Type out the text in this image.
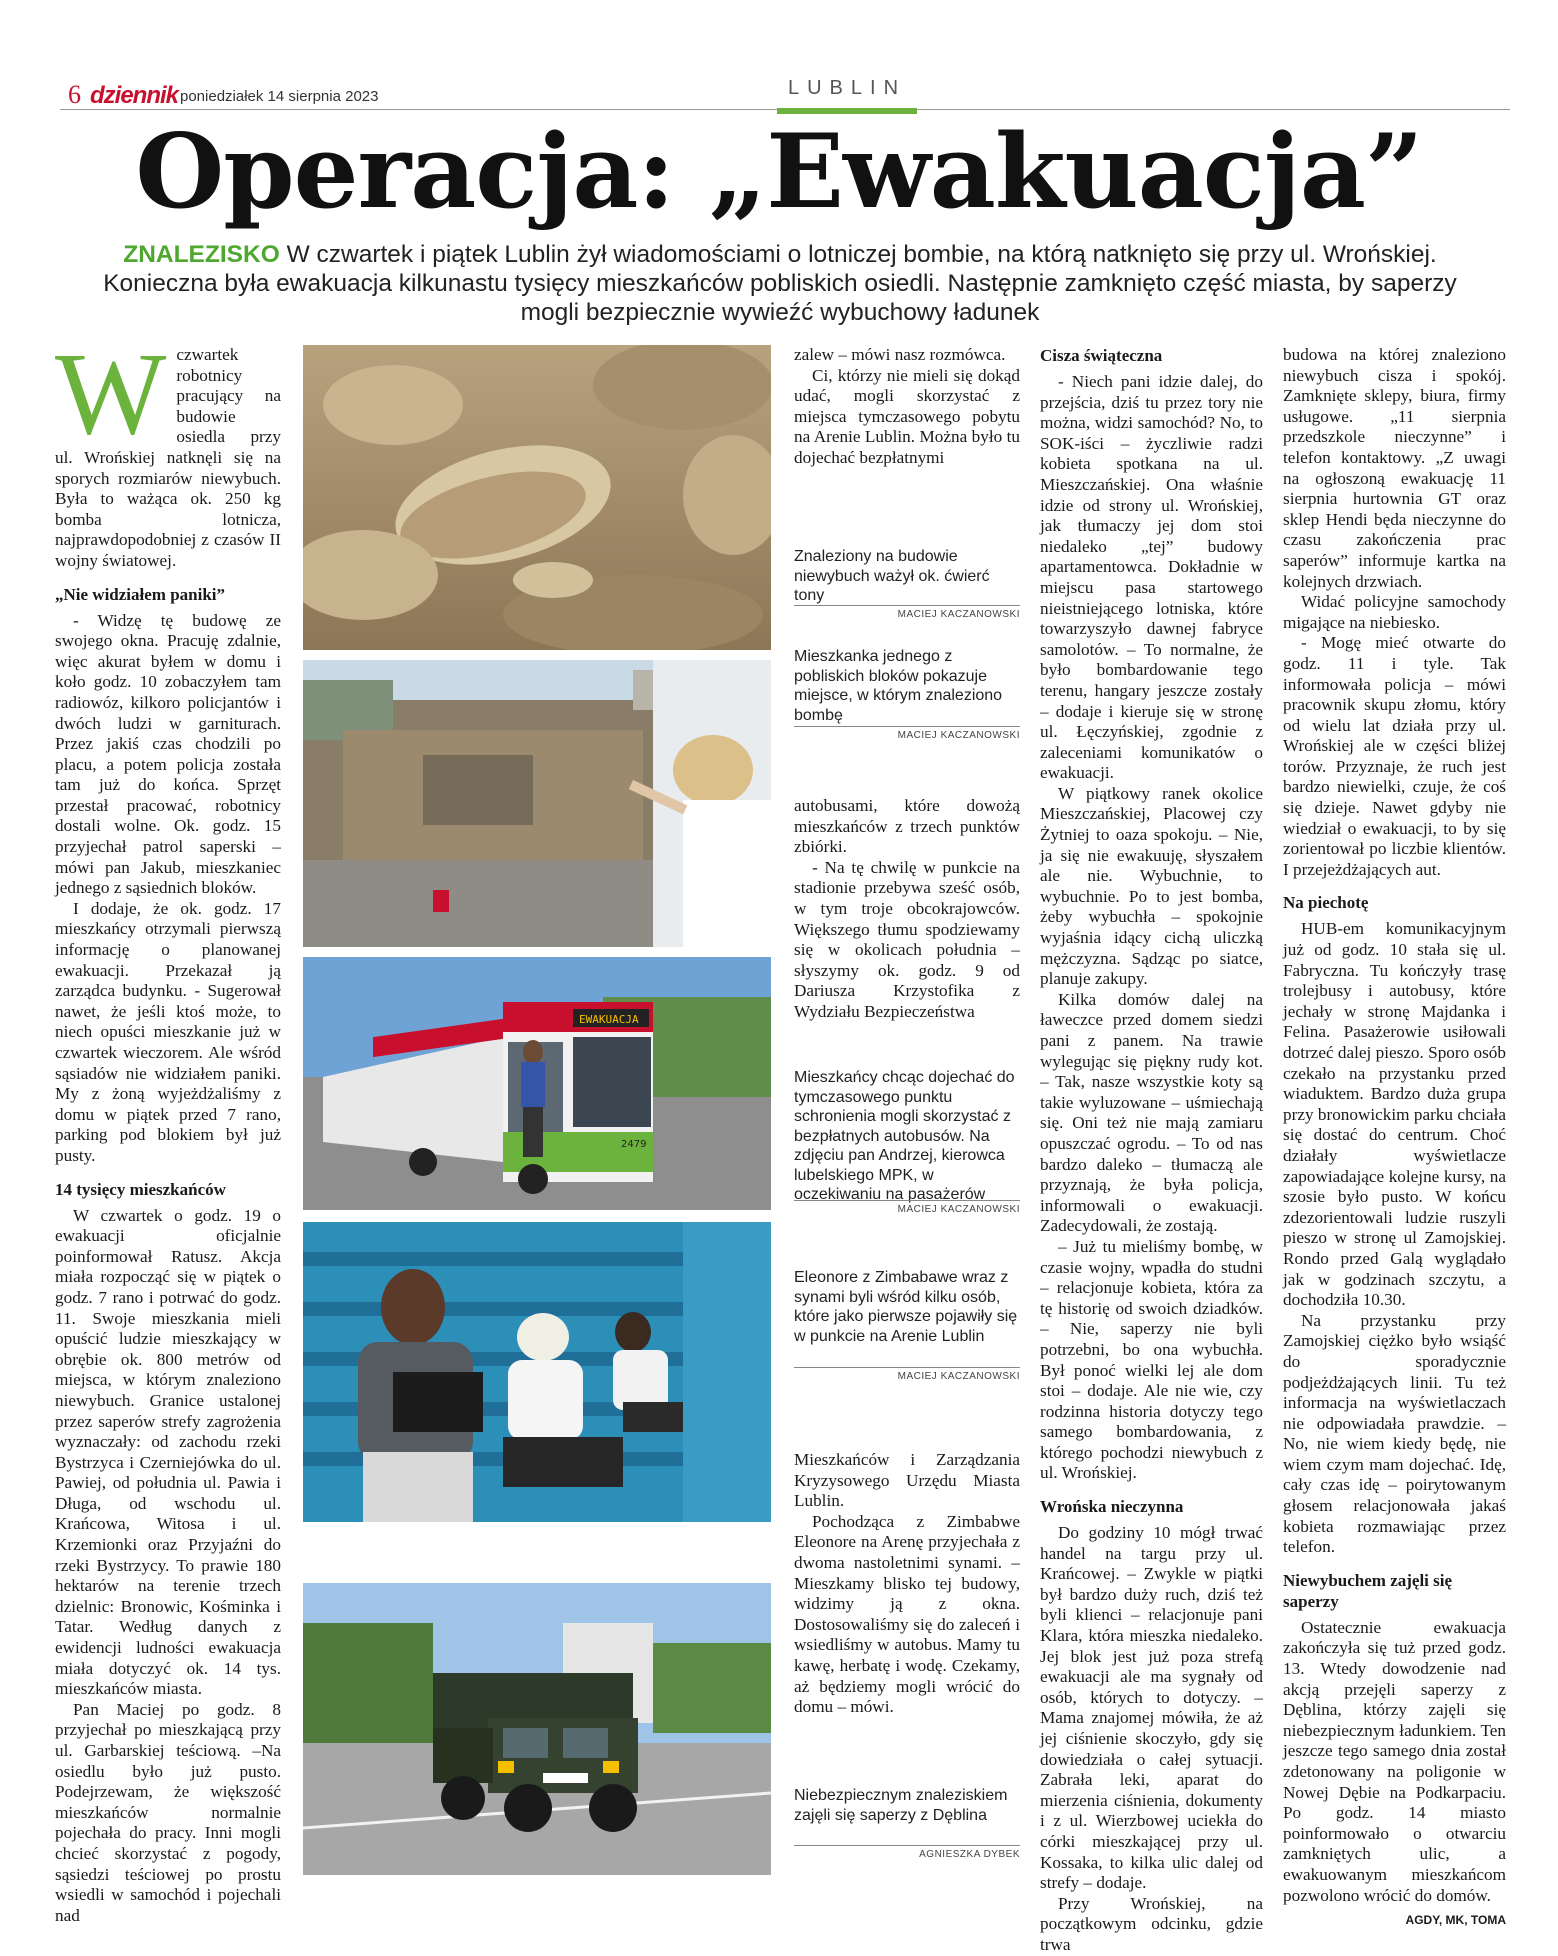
6 dziennik poniedziałek 14 sierpnia 2023	LUBLIN
Operacja: „Ewakuacja”
ZNALEZISKO W czwartek i piątek Lublin żył wiadomościami o lotniczej bombie, na którą natknięto się przy ul. Wrońskiej. Konieczna była ewakuacja kilkunastu tysięcy mieszkańców pobliskich osiedli. Następnie zamknięto część miasta, by saperzy mogli bezpiecznie wywieźć wybuchowy ładunek
W czwartek robotnicy pracujący na budowie osiedla przy ul. Wrońskiej natknęli się na sporych rozmiarów niewybuch. Była to ważąca ok. 250 kg bomba lotnicza, najprawdopodobniej z czasów II wojny światowej.

„Nie widziałem paniki”

- Widzę tę budowę ze swojego okna. Pracuję zdalnie, więc akurat byłem w domu i koło godz. 10 zobaczyłem tam radiowóz, kilkoro policjantów i dwóch ludzi w garniturach. Przez jakiś czas chodzili po placu, a potem policja została tam już do końca. Sprzęt przestał pracować, robotnicy dostali wolne. Ok. godz. 15 przyjechał patrol saperski – mówi pan Jakub, mieszkaniec jednego z sąsiednich bloków.

I dodaje, że ok. godz. 17 mieszkańcy otrzymali pierwszą informację o planowanej ewakuacji. Przekazał ją zarządca budynku. - Sugerował nawet, że jeśli ktoś może, to niech opuści mieszkanie już w czwartek wieczorem. Ale wśród sąsiadów nie widziałem paniki. My z żoną wyjeżdżaliśmy z domu w piątek przed 7 rano, parking pod blokiem był już pusty.

14 tysięcy mieszkańców

W czwartek o godz. 19 o ewakuacji oficjalnie poinformował Ratusz. Akcja miała rozpocząć się w piątek o godz. 7 rano i potrwać do godz. 11. Swoje mieszkania mieli opuścić ludzie mieszkający w obrębie ok. 800 metrów od miejsca, w którym znaleziono niewybuch. Granice ustalonej przez saperów strefy zagrożenia wyznaczały: od zachodu rzeki Bystrzyca i Czerniejówka do ul. Pawiej, od południa ul. Pawia i Długa, od wschodu ul. Krańcowa, Witosa i ul. Krzemionki oraz Przyjaźni do rzeki Bystrzycy. To prawie 180 hektarów na terenie trzech dzielnic: Bronowic, Kośminka i Tatar. Według danych z ewidencji ludności ewakuacja miała dotyczyć ok. 14 tys. mieszkańców miasta.

Pan Maciej po godz. 8 przyjechał po mieszkającą przy ul. Garbarskiej teściową. –Na osiedlu było już pusto. Podejrzewam, że większość mieszkańców normalnie pojechała do pracy. Inni mogli chcieć skorzystać z pogody, sąsiedzi teściowej po prostu wsiedli w samochód i pojechali nad

EWAKUACJA
2479
Znaleziony na budowie niewybuch ważył ok. ćwierć tony
MACIEJ KACZANOWSKI
Mieszkanka jednego z pobliskich bloków pokazuje miejsce, w którym znaleziono bombę
MACIEJ KACZANOWSKI
Mieszkańcy chcąc dojechać do tymczasowego punktu schronienia mogli skorzystać z bezpłatnych autobusów. Na zdjęciu pan Andrzej, kierowca lubelskiego MPK, w oczekiwaniu na pasażerów
MACIEJ KACZANOWSKI
Eleonore z Zimbabawe wraz z synami byli wśród kilku osób, które jako pierwsze pojawiły się w punkcie na Arenie Lublin
MACIEJ KACZANOWSKI
Niebezpiecznym znaleziskiem zajęli się saperzy z Dęblina
AGNIESZKA DYBEK

zalew – mówi nasz rozmówca.

Ci, którzy nie mieli się dokąd udać, mogli skorzystać z miejsca tymczasowego pobytu na Arenie Lublin. Można było tu dojechać bezpłatnymi

autobusami, które dowożą mieszkańców z trzech punktów zbiórki.

- Na tę chwilę w punkcie na stadionie przebywa sześć osób, w tym troje obcokrajowców. Większego tłumu spodziewamy się w okolicach południa – słyszymy ok. godz. 9 od Dariusza Krzystofika z Wydziału Bezpieczeństwa

Mieszkańców i Zarządzania Kryzysowego Urzędu Miasta Lublin.

Pochodząca z Zimbabwe Eleonore na Arenę przyjechała z dwoma nastoletnimi synami. – Mieszkamy blisko tej budowy, widzimy ją z okna. Dostosowaliśmy się do zaleceń i wsiedliśmy w autobus. Mamy tu kawę, herbatę i wodę. Czekamy, aż będziemy mogli wrócić do domu – mówi.

Cisza świąteczna

- Niech pani idzie dalej, do przejścia, dziś tu przez tory nie można, widzi samochód? No, to SOK-iści – życzliwie radzi kobieta spotkana na ul. Mieszczańskiej. Ona właśnie idzie od strony ul. Wrońskiej, jak tłumaczy jej dom stoi niedaleko „tej” budowy apartamentowca. Dokładnie w miejscu pasa startowego nieistniejącego lotniska, które towarzyszyło dawnej fabryce samolotów. – To normalne, że było bombardowanie tego terenu, hangary jeszcze zostały – dodaje i kieruje się w stronę ul. Łęczyńskiej, zgodnie z zaleceniami komunikatów o ewakuacji.

W piątkowy ranek okolice Mieszczańskiej, Placowej czy Żytniej to oaza spokoju. – Nie, ja się nie ewakuuję, słyszałem ale nie. Wybuchnie, to wybuchnie. Po to jest bomba, żeby wybuchła – spokojnie wyjaśnia idący cichą uliczką mężczyzna. Sądząc po siatce, planuje zakupy.

Kilka domów dalej na ławeczce przed domem siedzi pani z panem. Na trawie wylegując się piękny rudy kot. – Tak, nasze wszystkie koty są takie wyluzowane – uśmiechają się. Oni też nie mają zamiaru opuszczać ogrodu. – To od nas bardzo daleko – tłumaczą ale przyznają, że była policja, informowali o ewakuacji. Zadecydowali, że zostają.

– Już tu mieliśmy bombę, w czasie wojny, wpadła do studni – relacjonuje kobieta, która za tę historię od swoich dziadków. – Nie, saperzy nie byli potrzebni, bo ona wybuchła. Był ponoć wielki lej ale dom stoi – dodaje. Ale nie wie, czy rodzinna historia dotyczy tego samego bombardowania, z którego pochodzi niewybuch z ul. Wrońskiej.

Wrońska nieczynna

Do godziny 10 mógł trwać handel na targu przy ul. Krańcowej. – Zwykle w piątki był bardzo duży ruch, dziś też byli klienci – relacjonuje pani Klara, która mieszka niedaleko. Jej blok jest już poza strefą ewakuacji ale ma sygnały od osób, których to dotyczy. – Mama znajomej mówiła, że aż jej ciśnienie skoczyło, gdy się dowiedziała o całej sytuacji. Zabrała leki, aparat do mierzenia ciśnienia, dokumenty i z ul. Wierzbowej uciekła do córki mieszkającej przy ul. Kossaka, to kilka ulic dalej od strefy – dodaje.

Przy Wrońskiej, na początkowym odcinku, gdzie trwa

budowa na której znaleziono niewybuch cisza i spokój. Zamknięte sklepy, biura, firmy usługowe. „11 sierpnia przedszkole nieczynne” i telefon kontaktowy. „Z uwagi na ogłoszoną ewakuację 11 sierpnia hurtownia GT oraz sklep Hendi będa nieczynne do czasu zakończenia prac saperów” informuje kartka na kolejnych drzwiach.

Widać policyjne samochody migające na niebiesko.

- Mogę mieć otwarte do godz. 11 i tyle. Tak informowała policja – mówi pracownik skupu złomu, który od wielu lat działa przy ul. Wrońskiej ale w części bliżej torów. Przyznaje, że ruch jest bardzo niewielki, czuje, że coś się dzieje. Nawet gdyby nie wiedział o ewakuacji, to by się zorientował po liczbie klientów. I przejeżdżających aut.

Na piechotę

HUB-em komunikacyjnym już od godz. 10 stała się ul. Fabryczna. Tu kończyły trasę trolejbusy i autobusy, które jechały w stronę Majdanka i Felina. Pasażerowie usiłowali dotrzeć dalej pieszo. Sporo osób czekało na przystanku przed wiaduktem. Bardzo duża grupa przy bronowickim parku chciała się dostać do centrum. Choć działały wyświetlacze zapowiadające kolejne kursy, na szosie było pusto. W końcu zdezorientowali ludzie ruszyli pieszo w stronę ul Zamojskiej. Rondo przed Galą wyglądało jak w godzinach szczytu, a dochodziła 10.30.

Na przystanku przy Zamojskiej ciężko było wsiąść do sporadycznie podjeżdżających linii. Tu też informacja na wyświetlaczach nie odpowiadała prawdzie. – No, nie wiem kiedy będę, nie wiem czym mam dojechać. Idę, cały czas idę – poirytowanym głosem relacjonowała jakaś kobieta rozmawiając przez telefon.

Niewybuchem zajęli się saperzy

Ostatecznie ewakuacja zakończyła się tuż przed godz. 13. Wtedy dowodzenie nad akcją przejęli saperzy z Dęblina, którzy zajęli się niebezpiecznym ładunkiem. Ten jeszcze tego samego dnia został zdetonowany na poligonie w Nowej Dębie na Podkarpaciu. Po godz. 14 miasto poinformowało o otwarciu zamkniętych ulic, a ewakuowanym mieszkańcom pozwolono wrócić do domów.

AGDY, MK, TOMA
